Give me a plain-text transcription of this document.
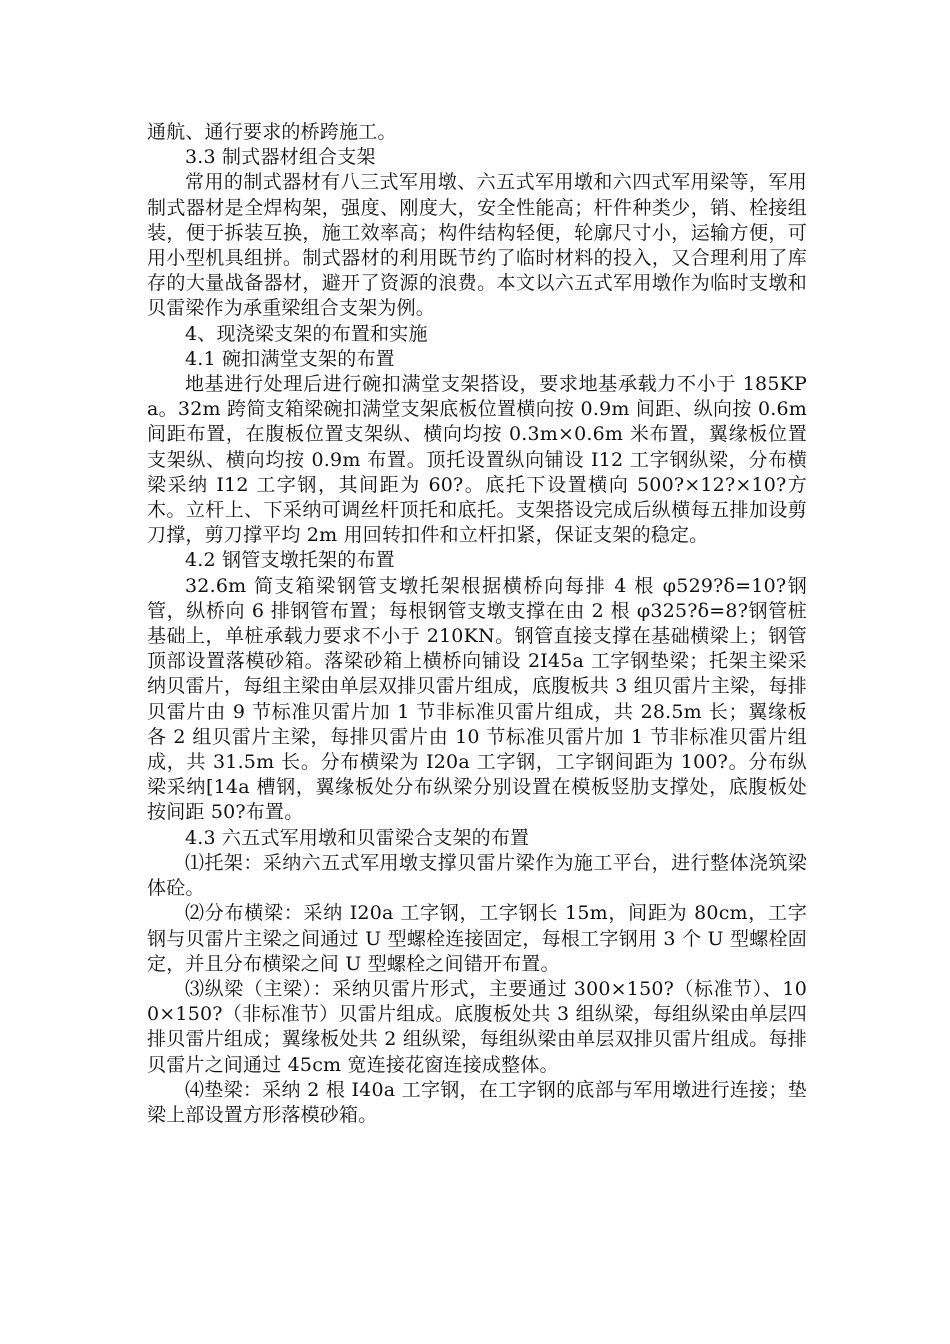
通航、通行要求的桥跨施工。

3.3 制式器材组合支架

常用的制式器材有八三式军用墩、六五式军用墩和六四式军用梁等，军用制式器材是全焊构架，强度、刚度大，安全性能高；杆件种类少，销、栓接组装，便于拆装互换，施工效率高；构件结构轻便，轮廓尺寸小，运输方便，可用小型机具组拼。制式器材的利用既节约了临时材料的投入，又合理利用了库存的大量战备器材，避开了资源的浪费。本文以六五式军用墩作为临时支墩和贝雷梁作为承重梁组合支架为例。

4、现浇梁支架的布置和实施

4.1 碗扣满堂支架的布置

地基进行处理后进行碗扣满堂支架搭设，要求地基承载力不小于 185KPa。32m 跨简支箱梁碗扣满堂支架底板位置横向按 0.9m 间距、纵向按 0.6m 间距布置，在腹板位置支架纵、横向均按 0.3m×0.6m 米布置，翼缘板位置支架纵、横向均按 0.9m 布置。顶托设置纵向铺设 I12 工字钢纵梁，分布横梁采纳 I12 工字钢，其间距为 60?。底托下设置横向 500?×12?×10?方木。立杆上、下采纳可调丝杆顶托和底托。支架搭设完成后纵横每五排加设剪刀撑，剪刀撑平均 2m 用回转扣件和立杆扣紧，保证支架的稳定。

4.2 钢管支墩托架的布置

32.6m 简支箱梁钢管支墩托架根据横桥向每排 4 根 φ529?δ=10?钢管，纵桥向 6 排钢管布置；每根钢管支墩支撑在由 2 根 φ325?δ=8?钢管桩基础上，单桩承载力要求不小于 210KN。钢管直接支撑在基础横梁上；钢管顶部设置落模砂箱。落梁砂箱上横桥向铺设 2I45a 工字钢垫梁；托架主梁采纳贝雷片，每组主梁由单层双排贝雷片组成，底腹板共 3 组贝雷片主梁，每排贝雷片由 9 节标准贝雷片加 1 节非标准贝雷片组成，共 28.5m 长；翼缘板各 2 组贝雷片主梁，每排贝雷片由 10 节标准贝雷片加 1 节非标准贝雷片组成，共 31.5m 长。分布横梁为 I20a 工字钢，工字钢间距为 100?。分布纵梁采纳[14a 槽钢，翼缘板处分布纵梁分别设置在模板竖肋支撑处，底腹板处按间距 50?布置。

4.3 六五式军用墩和贝雷梁合支架的布置

⑴托架：采纳六五式军用墩支撑贝雷片梁作为施工平台，进行整体浇筑梁体砼。

⑵分布横梁：采纳 I20a 工字钢，工字钢长 15m，间距为 80cm，工字钢与贝雷片主梁之间通过 U 型螺栓连接固定，每根工字钢用 3 个 U 型螺栓固定，并且分布横梁之间 U 型螺栓之间错开布置。

⑶纵梁（主梁）：采纳贝雷片形式，主要通过 300×150?（标准节）、100×150?（非标准节）贝雷片组成。底腹板处共 3 组纵梁，每组纵梁由单层四排贝雷片组成；翼缘板处共 2 组纵梁，每组纵梁由单层双排贝雷片组成。每排贝雷片之间通过 45cm 宽连接花窗连接成整体。

⑷垫梁：采纳 2 根 I40a 工字钢，在工字钢的底部与军用墩进行连接；垫梁上部设置方形落模砂箱。
